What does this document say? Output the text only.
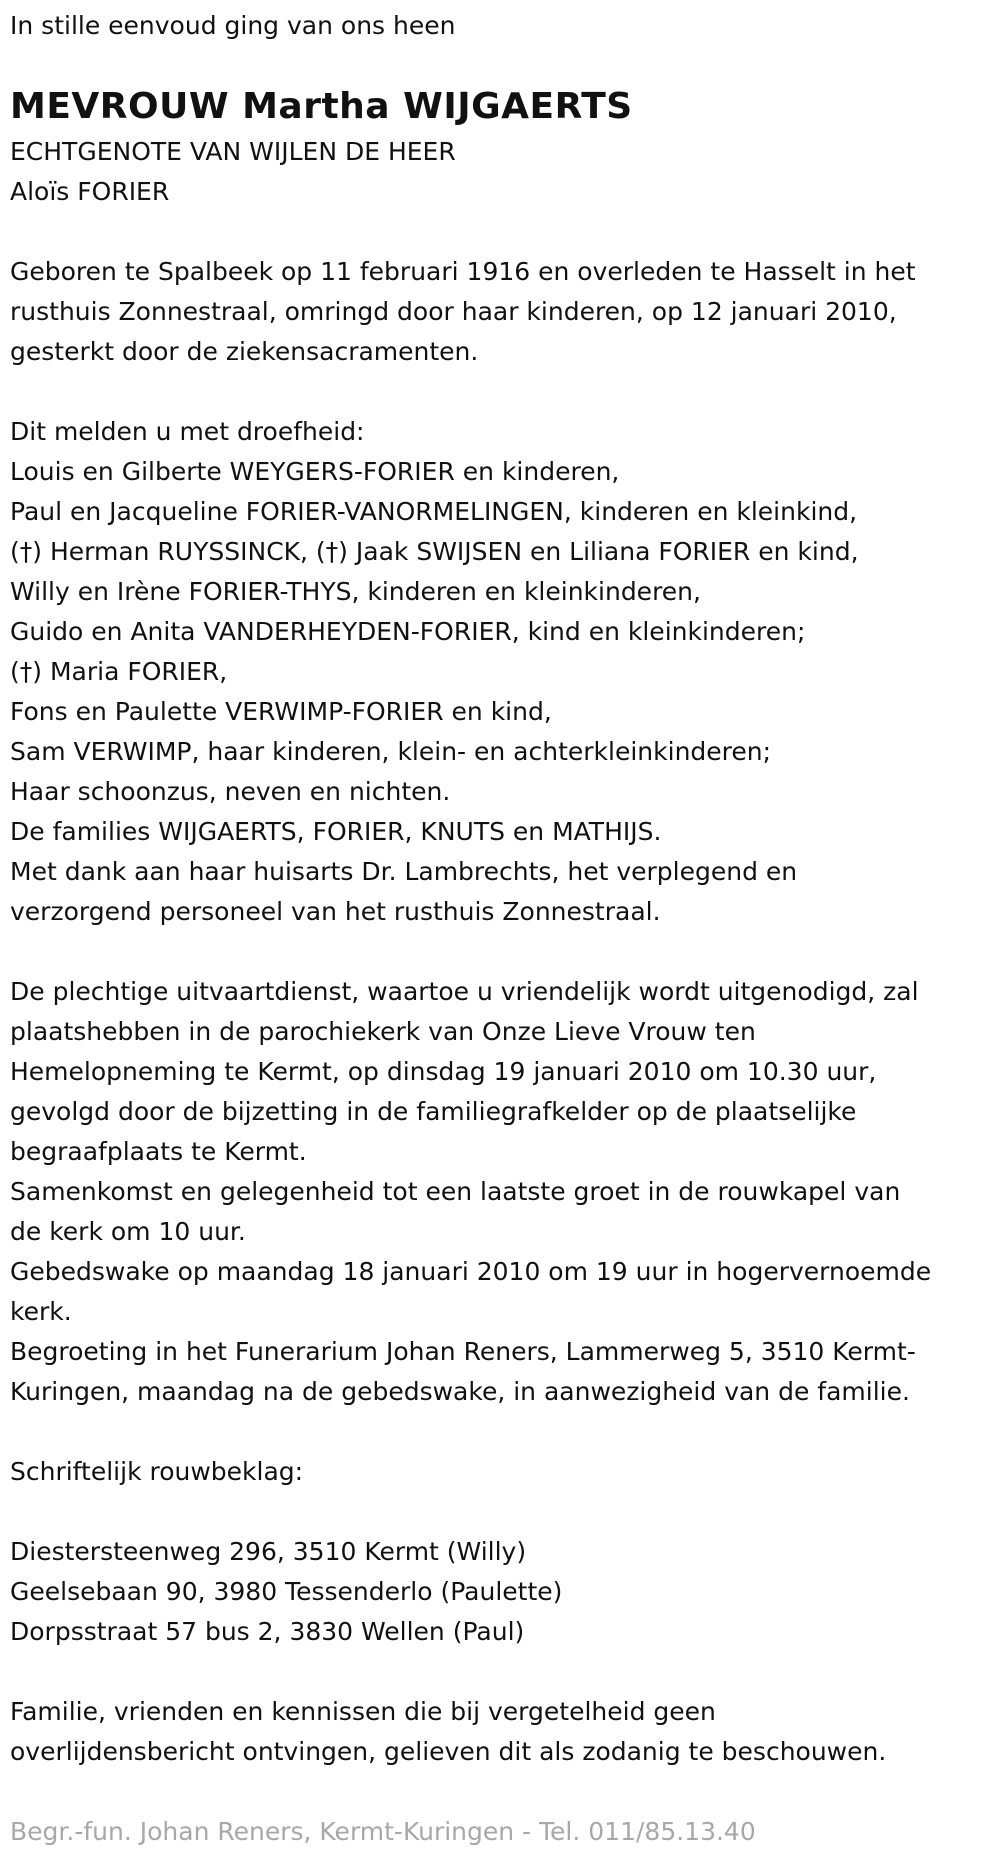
In stille eenvoud ging van ons heen

MEVROUW Martha WIJGAERTS

ECHTGENOTE VAN WIJLEN DE HEER

Aloïs FORIER

Geboren te Spalbeek op 11 februari 1916 en overleden te Hasselt in het

rusthuis Zonnestraal, omringd door haar kinderen, op 12 januari 2010,

gesterkt door de ziekensacramenten.

Dit melden u met droefheid:

Louis en Gilberte WEYGERS-FORIER en kinderen,

Paul en Jacqueline FORIER-VANORMELINGEN, kinderen en kleinkind,

(†) Herman RUYSSINCK, (†) Jaak SWIJSEN en Liliana FORIER en kind,

Willy en Irène FORIER-THYS, kinderen en kleinkinderen,

Guido en Anita VANDERHEYDEN-FORIER, kind en kleinkinderen;

(†) Maria FORIER,

Fons en Paulette VERWIMP-FORIER en kind,

Sam VERWIMP, haar kinderen, klein- en achterkleinkinderen;

Haar schoonzus, neven en nichten.

De families WIJGAERTS, FORIER, KNUTS en MATHIJS.

Met dank aan haar huisarts Dr. Lambrechts, het verplegend en

verzorgend personeel van het rusthuis Zonnestraal.

De plechtige uitvaartdienst, waartoe u vriendelijk wordt uitgenodigd, zal

plaatshebben in de parochiekerk van Onze Lieve Vrouw ten

Hemelopneming te Kermt, op dinsdag 19 januari 2010 om 10.30 uur,

gevolgd door de bijzetting in de familiegrafkelder op de plaatselijke

begraafplaats te Kermt.

Samenkomst en gelegenheid tot een laatste groet in de rouwkapel van

de kerk om 10 uur.

Gebedswake op maandag 18 januari 2010 om 19 uur in hogervernoemde

kerk.

Begroeting in het Funerarium Johan Reners, Lammerweg 5, 3510 Kermt-

Kuringen, maandag na de gebedswake, in aanwezigheid van de familie.

Schriftelijk rouwbeklag:

Diestersteenweg 296, 3510 Kermt (Willy)

Geelsebaan 90, 3980 Tessenderlo (Paulette)

Dorpsstraat 57 bus 2, 3830 Wellen (Paul)

Familie, vrienden en kennissen die bij vergetelheid geen

overlijdensbericht ontvingen, gelieven dit als zodanig te beschouwen.

Begr.-fun. Johan Reners, Kermt-Kuringen - Tel. 011/85.13.40
